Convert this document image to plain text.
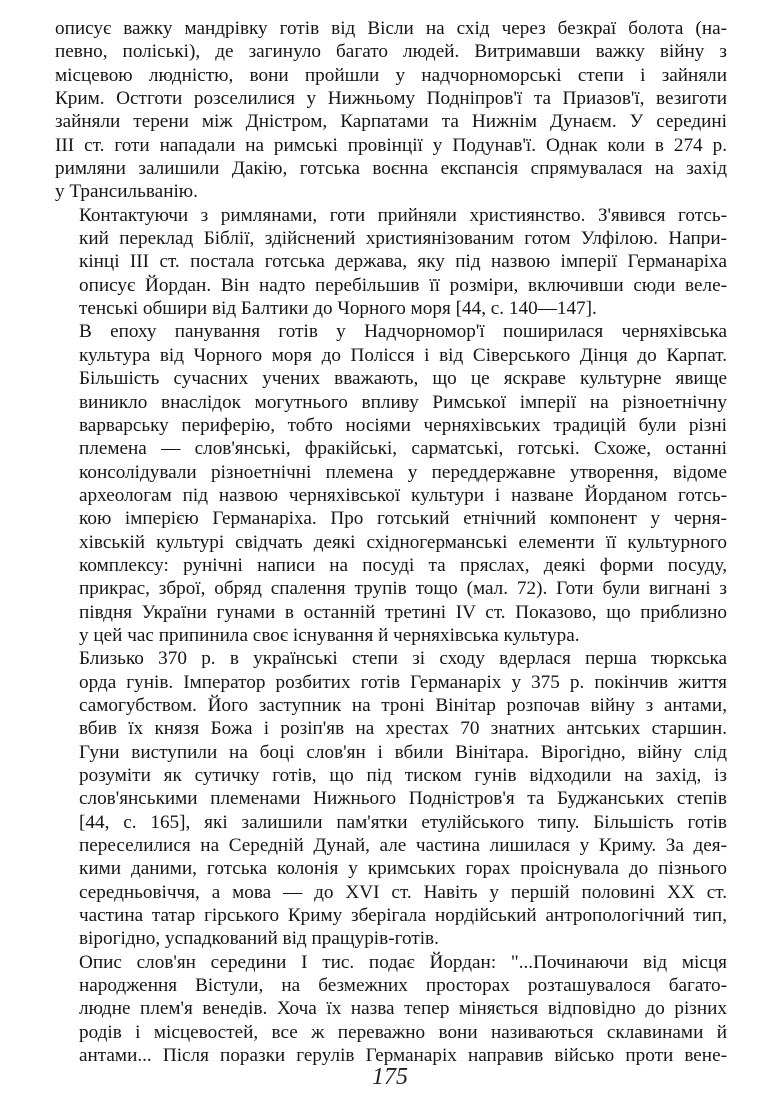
описує важку мандрівку готів від Вісли на схід через безкраї болота (на-
певно, поліські), де загинуло багато людей. Витримавши важку війну з
місцевою людністю, вони пройшли у надчорноморські степи і зайняли
Крим. Остготи розселилися у Нижньому Подніпров'ї та Приазов'ї, везиготи
зайняли терени між Дністром, Карпатами та Нижнім Дунаєм. У середині
III ст. готи нападали на римські провінції у Подунав'ї. Однак коли в 274 р.
римляни залишили Дакію, готська воєнна експансія спрямувалася на захід
у Трансильванію.

Контактуючи з римлянами, готи прийняли християнство. З'явився готсь-
кий переклад Біблії, здійснений християнізованим готом Улфілою. Напри-
кінці III ст. постала готська держава, яку під назвою імперії Германаріха
описує Йордан. Він надто перебільшив її розміри, включивши сюди веле-
тенські обшири від Балтики до Чорного моря [44, с. 140—147].

В епоху панування готів у Надчорномор'ї поширилася черняхівська
культура від Чорного моря до Полісся і від Сіверського Дінця до Карпат.
Більшість сучасних учених вважають, що це яскраве культурне явище
виникло внаслідок могутнього впливу Римської імперії на різноетнічну
варварську периферію, тобто носіями черняхівських традицій були різні
племена — слов'янські, фракійські, сарматські, готські. Схоже, останні
консолідували різноетнічні племена у переддержавне утворення, відоме
археологам під назвою черняхівської культури і назване Йорданом готсь-
кою імперією Германаріха. Про готський етнічний компонент у черня-
хівській культурі свідчать деякі східногерманські елементи її культурного
комплексу: рунічні написи на посуді та пряслах, деякі форми посуду,
прикрас, зброї, обряд спалення трупів тощо (мал. 72). Готи були вигнані з
півдня України гунами в останній третині IV ст. Показово, що приблизно
у цей час припинила своє існування й черняхівська культура.

Близько 370 р. в українські степи зі сходу вдерлася перша тюркська
орда гунів. Імператор розбитих готів Германаріх у 375 р. покінчив життя
самогубством. Його заступник на троні Вінітар розпочав війну з антами,
вбив їх князя Божа і розіп'яв на хрестах 70 знатних антських старшин.
Гуни виступили на боці слов'ян і вбили Вінітара. Вірогідно, війну слід
розуміти як сутичку готів, що під тиском гунів відходили на захід, із
слов'янськими племенами Нижнього Подністров'я та Буджанських степів
[44, с. 165], які залишили пам'ятки етулійського типу. Більшість готів
переселилися на Середній Дунай, але частина лишилася у Криму. За дея-
кими даними, готська колонія у кримських горах проіснувала до пізнього
середньовіччя, а мова — до XVI ст. Навіть у першій половині XX ст.
частина татар гірського Криму зберігала нордійський антропологічний тип,
вірогідно, успадкований від пращурів-готів.

Опис слов'ян середини I тис. подає Йордан: "...Починаючи від місця
народження Вістули, на безмежних просторах розташувалося багато-
людне плем'я венедів. Хоча їх назва тепер міняється відповідно до різних
родів і місцевостей, все ж переважно вони називаються склавинами й
антами... Після поразки герулів Германаріх направив військо проти вене-

175
